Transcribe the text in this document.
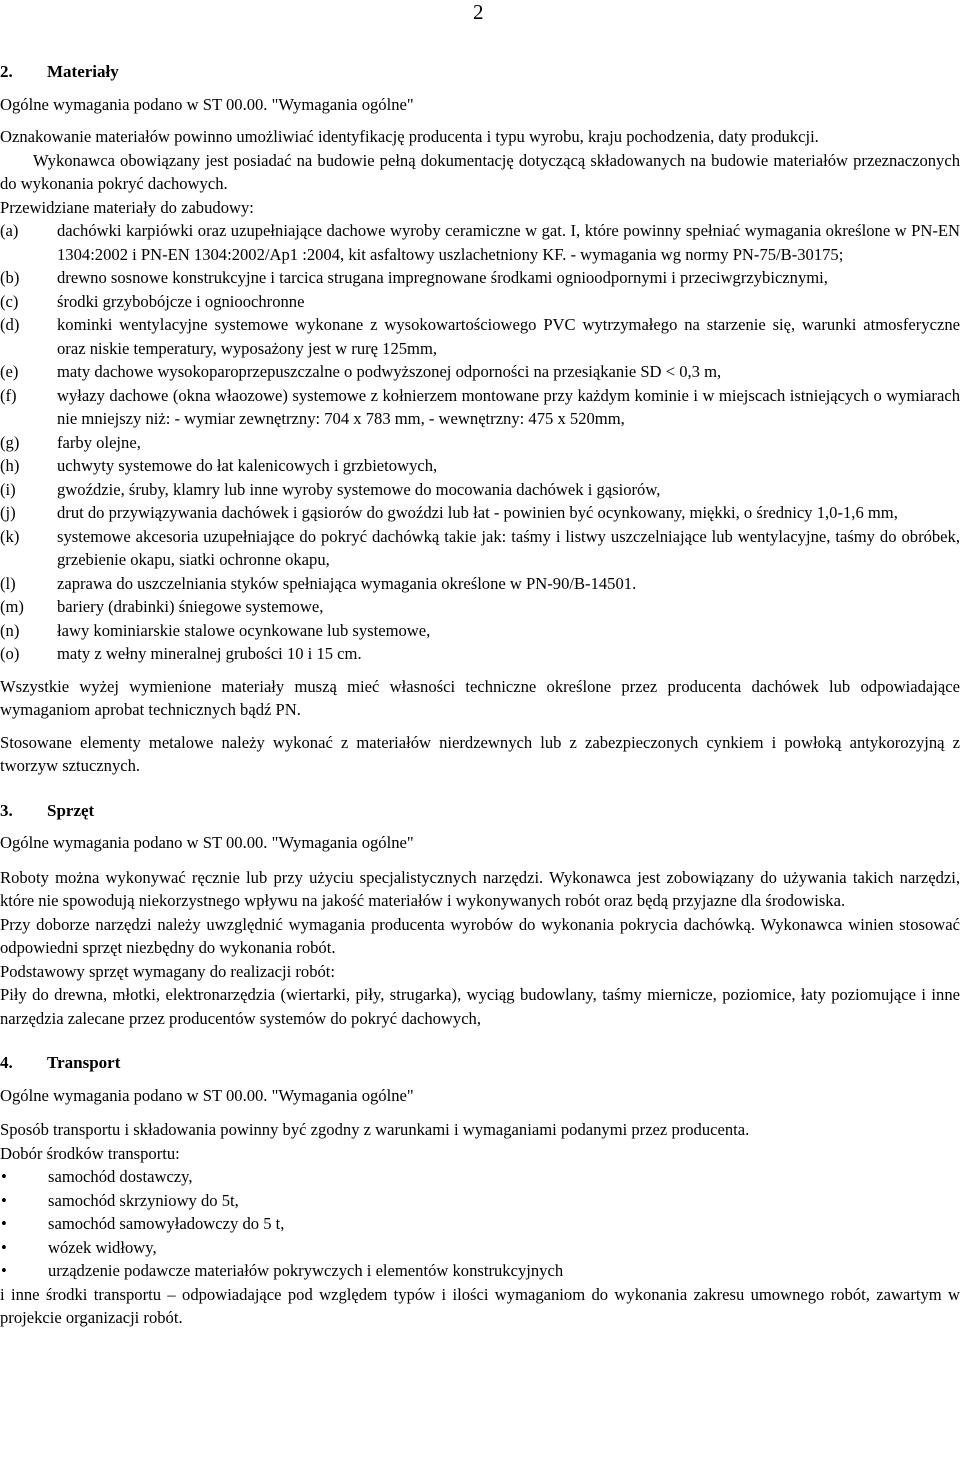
2
2. Materiały

Ogólne wymagania podano w ST 00.00. "Wymagania ogólne"

Oznakowanie materiałów powinno umożliwiać identyfikację producenta i typu wyrobu, kraju pochodzenia, daty produkcji.

Wykonawca obowiązany jest posiadać na budowie pełną dokumentację dotyczącą składowanych na budowie materiałów przeznaczonych do wykonania pokryć dachowych.

Przewidziane materiały do zabudowy:

(a)	dachówki karpiówki oraz uzupełniające dachowe wyroby ceramiczne w gat. I, które powinny spełniać wymagania określone w PN-EN 1304:2002 i PN-EN 1304:2002/Ap1 :2004, kit asfaltowy uszlachetniony KF. - wymagania wg normy PN-75/B-30175;
(b)	drewno sosnowe konstrukcyjne i tarcica strugana impregnowane środkami ognioodpornymi i przeciwgrzybicznymi,
(c)	środki grzybobójcze i ognioochronne
(d)	kominki wentylacyjne systemowe wykonane z wysokowartościowego PVC wytrzymałego na starzenie się, warunki atmosferyczne oraz niskie temperatury, wyposażony jest w rurę 125mm,
(e)	maty dachowe wysokoparoprzepuszczalne o podwyższonej odporności na przesiąkanie SD < 0,3 m,
(f)	wyłazy dachowe (okna właozowe) systemowe z kołnierzem montowane przy każdym kominie i w miejscach istniejących o wymiarach nie mniejszy niż: - wymiar zewnętrzny: 704 x 783 mm, - wewnętrzny: 475 x 520mm,
(g)	farby olejne,
(h)	uchwyty systemowe do łat kalenicowych i grzbietowych,
(i)	gwoździe, śruby, klamry lub inne wyroby systemowe do mocowania dachówek i gąsiorów,
(j)	drut do przywiązywania dachówek i gąsiorów do gwoździ lub łat - powinien być ocynkowany, miękki, o średnicy 1,0-1,6 mm,
(k)	systemowe akcesoria uzupełniające do pokryć dachówką takie jak: taśmy i listwy uszczelniające lub wentylacyjne, taśmy do obróbek, grzebienie okapu, siatki ochronne okapu,
(l)	zaprawa do uszczelniania styków spełniająca wymagania określone w PN-90/B-14501.
(m)	bariery (drabinki) śniegowe systemowe,
(n)	ławy kominiarskie stalowe ocynkowane lub systemowe,
(o)	maty z wełny mineralnej grubości 10 i 15 cm.

Wszystkie wyżej wymienione materiały muszą mieć własności techniczne określone przez producenta dachówek lub odpowiadające wymaganiom aprobat technicznych bądź PN.

Stosowane elementy metalowe należy wykonać z materiałów nierdzewnych lub z zabezpieczonych cynkiem i powłoką antykorozyjną z tworzyw sztucznych.

3. Sprzęt

Ogólne wymagania podano w ST 00.00. "Wymagania ogólne"

Roboty można wykonywać ręcznie lub przy użyciu specjalistycznych narzędzi. Wykonawca jest zobowiązany do używania takich narzędzi, które nie spowodują niekorzystnego wpływu na jakość materiałów i wykonywanych robót oraz będą przyjazne dla środowiska.

Przy doborze narzędzi należy uwzględnić wymagania producenta wyrobów do wykonania pokrycia dachówką. Wykonawca winien stosować odpowiedni sprzęt niezbędny do wykonania robót.

Podstawowy sprzęt wymagany do realizacji robót:

Piły do drewna, młotki, elektronarzędzia (wiertarki, piły, strugarka), wyciąg budowlany, taśmy miernicze, poziomice, łaty poziomujące i inne narzędzia zalecane przez producentów systemów do pokryć dachowych,

4. Transport

Ogólne wymagania podano w ST 00.00. "Wymagania ogólne"

Sposób transportu i składowania powinny być zgodny z warunkami i wymaganiami podanymi przez producenta.

Dobór środków transportu:

•	samochód dostawczy,
•	samochód skrzyniowy do 5t,
•	samochód samowyładowczy do 5 t,
•	wózek widłowy,
•	urządzenie podawcze materiałów pokrywczych i elementów konstrukcyjnych

i inne środki transportu – odpowiadające pod względem typów i ilości wymaganiom do wykonania zakresu umownego robót, zawartym w projekcie organizacji robót.
